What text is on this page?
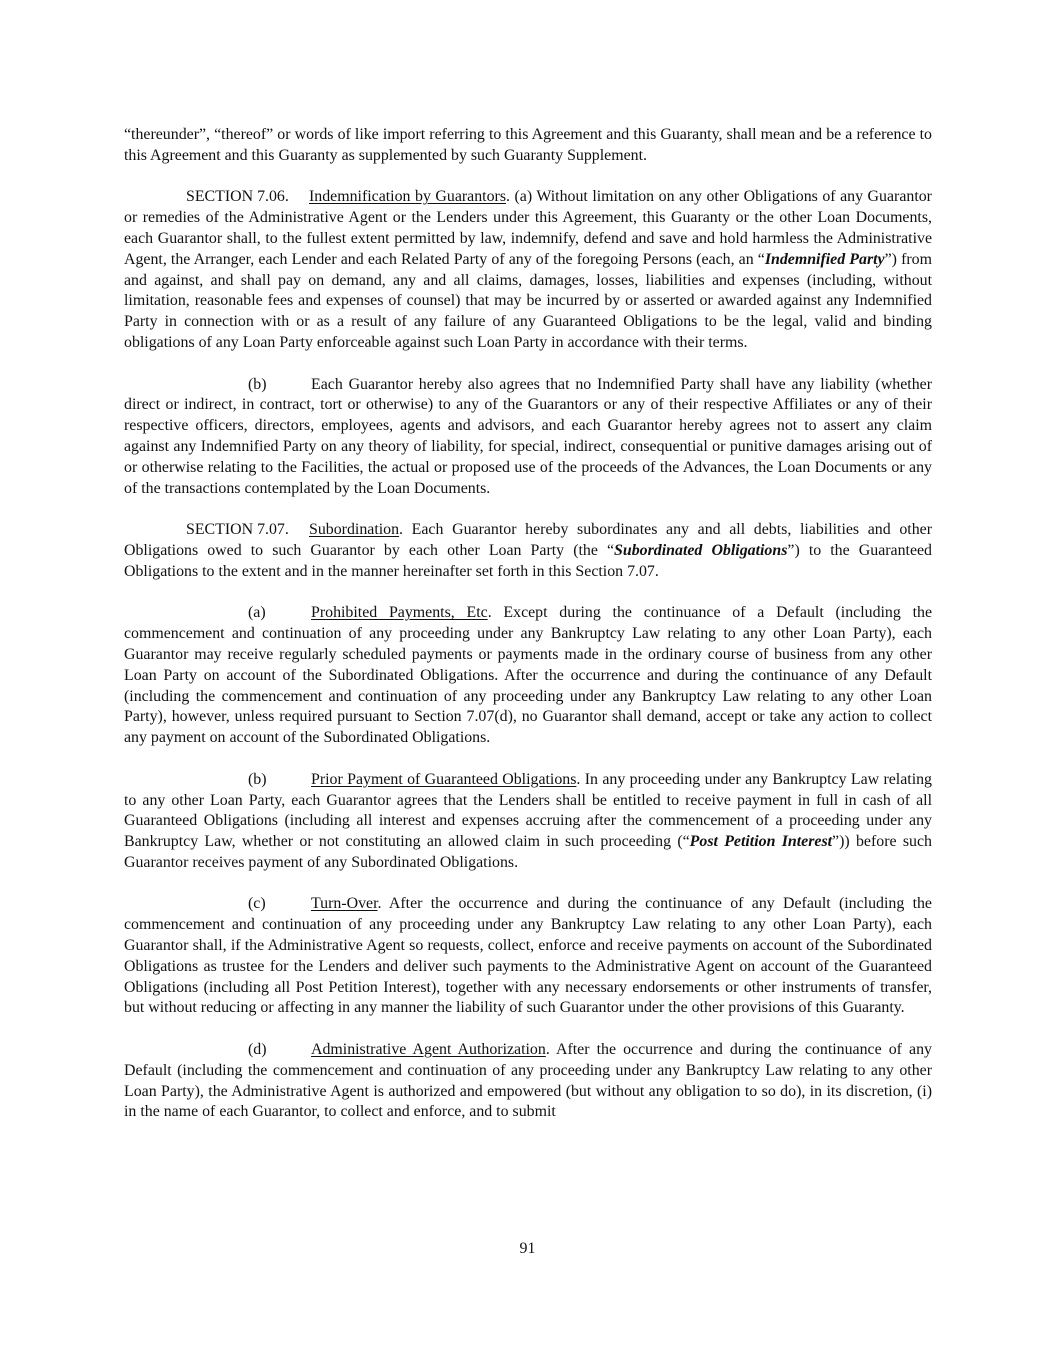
“thereunder”, “thereof” or words of like import referring to this Agreement and this Guaranty, shall mean and be a reference to this Agreement and this Guaranty as supplemented by such Guaranty Supplement.

SECTION 7.06. Indemnification by Guarantors. (a) Without limitation on any other Obligations of any Guarantor or remedies of the Administrative Agent or the Lenders under this Agreement, this Guaranty or the other Loan Documents, each Guarantor shall, to the fullest extent permitted by law, indemnify, defend and save and hold harmless the Administrative Agent, the Arranger, each Lender and each Related Party of any of the foregoing Persons (each, an “Indemnified Party”) from and against, and shall pay on demand, any and all claims, damages, losses, liabilities and expenses (including, without limitation, reasonable fees and expenses of counsel) that may be incurred by or asserted or awarded against any Indemnified Party in connection with or as a result of any failure of any Guaranteed Obligations to be the legal, valid and binding obligations of any Loan Party enforceable against such Loan Party in accordance with their terms.

(b)	Each Guarantor hereby also agrees that no Indemnified Party shall have any liability (whether direct or indirect, in contract, tort or otherwise) to any of the Guarantors or any of their respective Affiliates or any of their respective officers, directors, employees, agents and advisors, and each Guarantor hereby agrees not to assert any claim against any Indemnified Party on any theory of liability, for special, indirect, consequential or punitive damages arising out of or otherwise relating to the Facilities, the actual or proposed use of the proceeds of the Advances, the Loan Documents or any of the transactions contemplated by the Loan Documents.

SECTION 7.07. Subordination. Each Guarantor hereby subordinates any and all debts, liabilities and other Obligations owed to such Guarantor by each other Loan Party (the “Subordinated Obligations”) to the Guaranteed Obligations to the extent and in the manner hereinafter set forth in this Section 7.07.

(a)	Prohibited Payments, Etc. Except during the continuance of a Default (including the commencement and continuation of any proceeding under any Bankruptcy Law relating to any other Loan Party), each Guarantor may receive regularly scheduled payments or payments made in the ordinary course of business from any other Loan Party on account of the Subordinated Obligations. After the occurrence and during the continuance of any Default (including the commencement and continuation of any proceeding under any Bankruptcy Law relating to any other Loan Party), however, unless required pursuant to Section 7.07(d), no Guarantor shall demand, accept or take any action to collect any payment on account of the Subordinated Obligations.

(b)	Prior Payment of Guaranteed Obligations. In any proceeding under any Bankruptcy Law relating to any other Loan Party, each Guarantor agrees that the Lenders shall be entitled to receive payment in full in cash of all Guaranteed Obligations (including all interest and expenses accruing after the commencement of a proceeding under any Bankruptcy Law, whether or not constituting an allowed claim in such proceeding (“Post Petition Interest”)) before such Guarantor receives payment of any Subordinated Obligations.

(c)	Turn-Over. After the occurrence and during the continuance of any Default (including the commencement and continuation of any proceeding under any Bankruptcy Law relating to any other Loan Party), each Guarantor shall, if the Administrative Agent so requests, collect, enforce and receive payments on account of the Subordinated Obligations as trustee for the Lenders and deliver such payments to the Administrative Agent on account of the Guaranteed Obligations (including all Post Petition Interest), together with any necessary endorsements or other instruments of transfer, but without reducing or affecting in any manner the liability of such Guarantor under the other provisions of this Guaranty.

(d)	Administrative Agent Authorization. After the occurrence and during the continuance of any Default (including the commencement and continuation of any proceeding under any Bankruptcy Law relating to any other Loan Party), the Administrative Agent is authorized and empowered (but without any obligation to so do), in its discretion, (i) in the name of each Guarantor, to collect and enforce, and to submit

91
